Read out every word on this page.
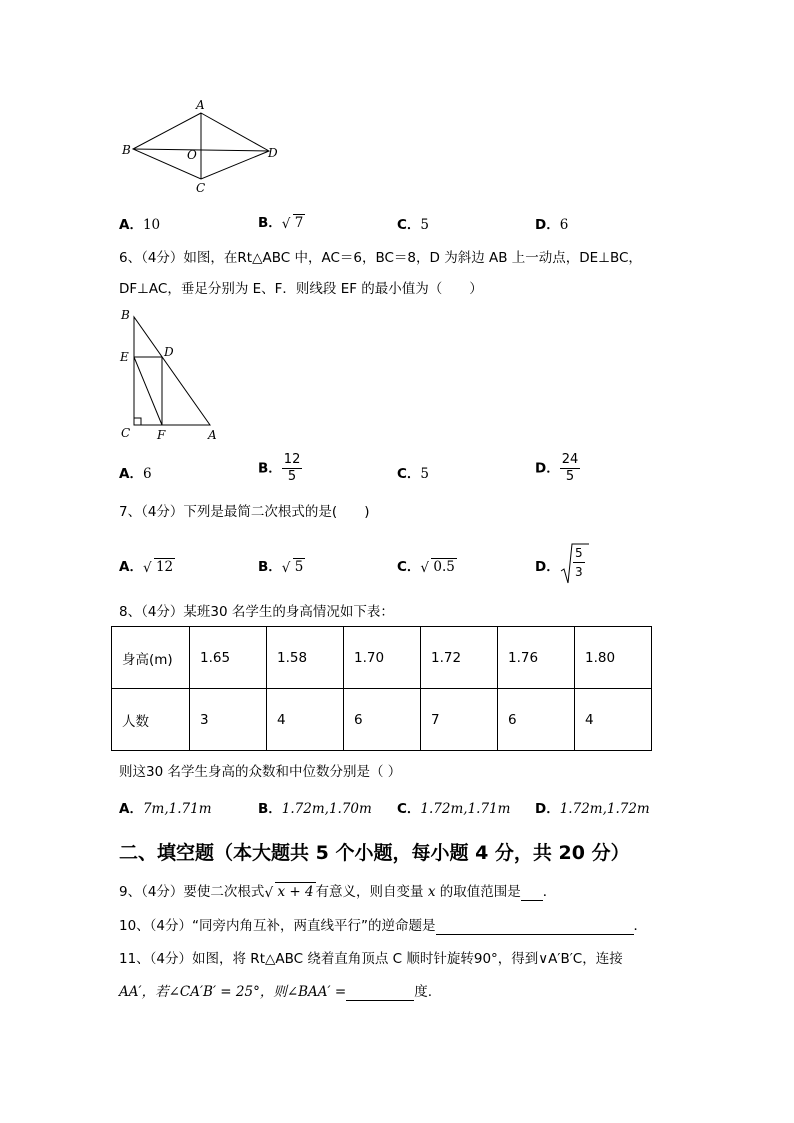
A
B	O	D
C
A．10	B． √ 7	C．5	D．6
6、（4分）如图，在Rt△ABC 中，AC＝6，BC＝8，D 为斜边 AB 上一动点，DE⊥BC，
DF⊥AC，垂足分别为 E、F．则线段 EF 的最小值为（　　）
B
E	D
C F	A
A．6	B． $\frac{12}{5}$	C．5	D． $\frac{24}{5}$
7、（4分）下列是最简二次根式的是(　　)
A． √ 12	B． √ 5	C． √ 0.5	D． $\frac{5}{3}$
8、（4分）某班30 名学生的身高情况如下表：
身高(m)	1.65	1.58	1.70	1.72	1.76	1.80
人数	3	4	6	7	6	4
则这30 名学生身高的众数和中位数分别是（ ）
A．7m,1.71m	B．1.72m,1.70m C．1.72m,1.71m D．1.72m,1.72m
二、填空题（本大题共 5 个小题，每小题 4 分，共 20 分）
9、（4分）要使二次根式 √ x + 4 有意义，则自变量 x 的取值范围是 ．
10、（4分）“同旁内角互补，两直线平行”的逆命题是	．
11、（4分）如图，将 Rt△ABC 绕着直角顶点 C 顺时针旋转90°，得到∨A′B′C，连接
AA′，若∠CA′B′ = 25°，则∠BAA′ =	度.
